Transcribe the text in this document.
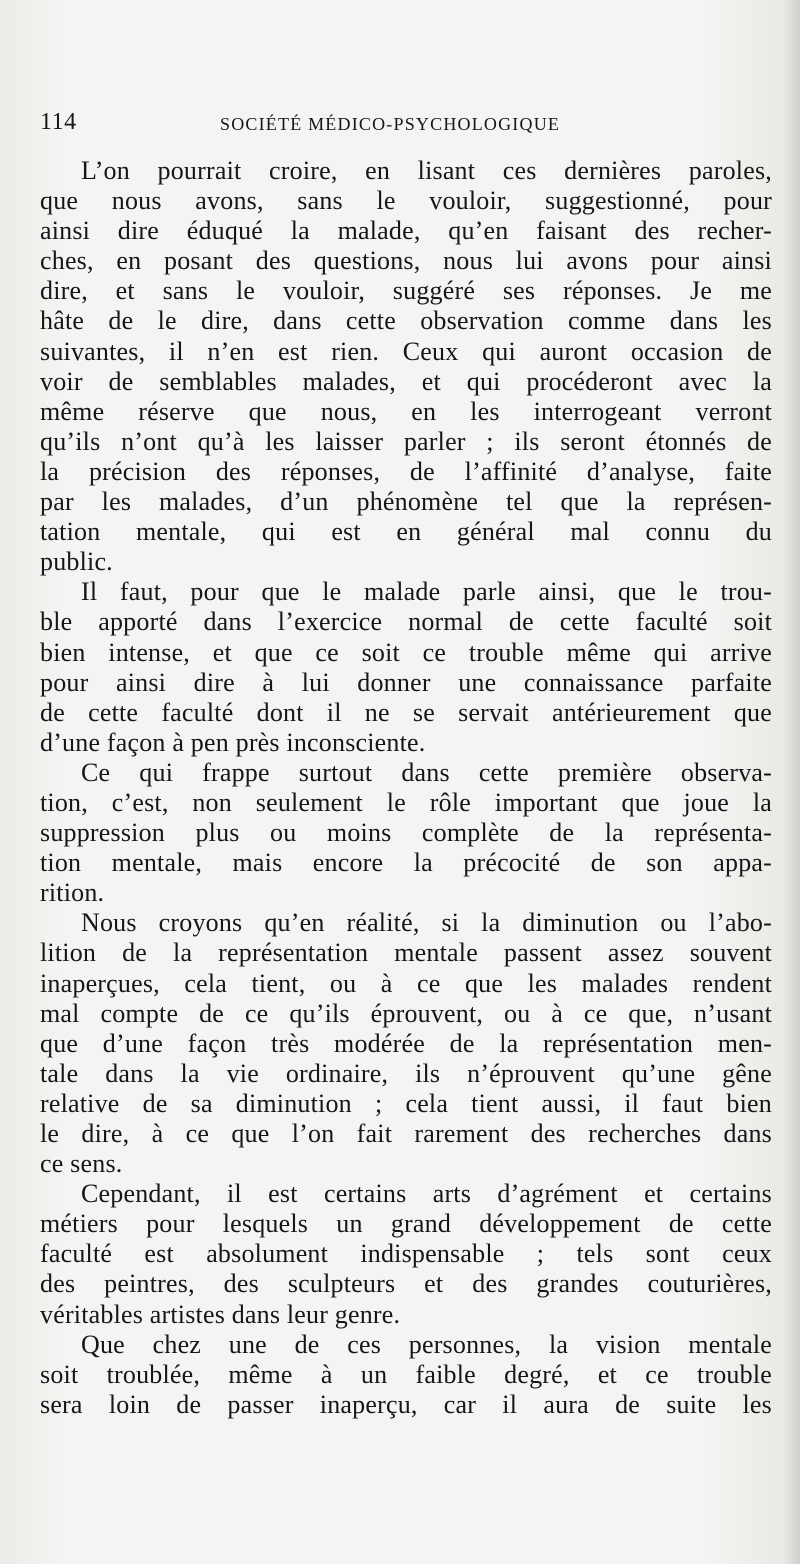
114	SOCIÉTÉ MÉDICO-PSYCHOLOGIQUE
L’on pourrait croire, en lisant ces dernières paroles,
que nous avons, sans le vouloir, suggestionné, pour
ainsi dire éduqué la malade, qu’en faisant des recher-
ches, en posant des questions, nous lui avons pour ainsi
dire, et sans le vouloir, suggéré ses réponses. Je me
hâte de le dire, dans cette observation comme dans les
suivantes, il n’en est rien. Ceux qui auront occasion de
voir de semblables malades, et qui procéderont avec la
même réserve que nous, en les interrogeant verront
qu’ils n’ont qu’à les laisser parler ; ils seront étonnés de
la précision des réponses, de l’affinité d’analyse, faite
par les malades, d’un phénomène tel que la représen-
tation mentale, qui est en général mal connu du
public.
Il faut, pour que le malade parle ainsi, que le trou-
ble apporté dans l’exercice normal de cette faculté soit
bien intense, et que ce soit ce trouble même qui arrive
pour ainsi dire à lui donner une connaissance parfaite
de cette faculté dont il ne se servait antérieurement que
d’une façon à pen près inconsciente.
Ce qui frappe surtout dans cette première observa-
tion, c’est, non seulement le rôle important que joue la
suppression plus ou moins complète de la représenta-
tion mentale, mais encore la précocité de son appa-
rition.
Nous croyons qu’en réalité, si la diminution ou l’abo-
lition de la représentation mentale passent assez souvent
inaperçues, cela tient, ou à ce que les malades rendent
mal compte de ce qu’ils éprouvent, ou à ce que, n’usant
que d’une façon très modérée de la représentation men-
tale dans la vie ordinaire, ils n’éprouvent qu’une gêne
relative de sa diminution ; cela tient aussi, il faut bien
le dire, à ce que l’on fait rarement des recherches dans
ce sens.
Cependant, il est certains arts d’agrément et certains
métiers pour lesquels un grand développement de cette
faculté est absolument indispensable ; tels sont ceux
des peintres, des sculpteurs et des grandes couturières,
véritables artistes dans leur genre.
Que chez une de ces personnes, la vision mentale
soit troublée, même à un faible degré, et ce trouble
sera loin de passer inaperçu, car il aura de suite les
